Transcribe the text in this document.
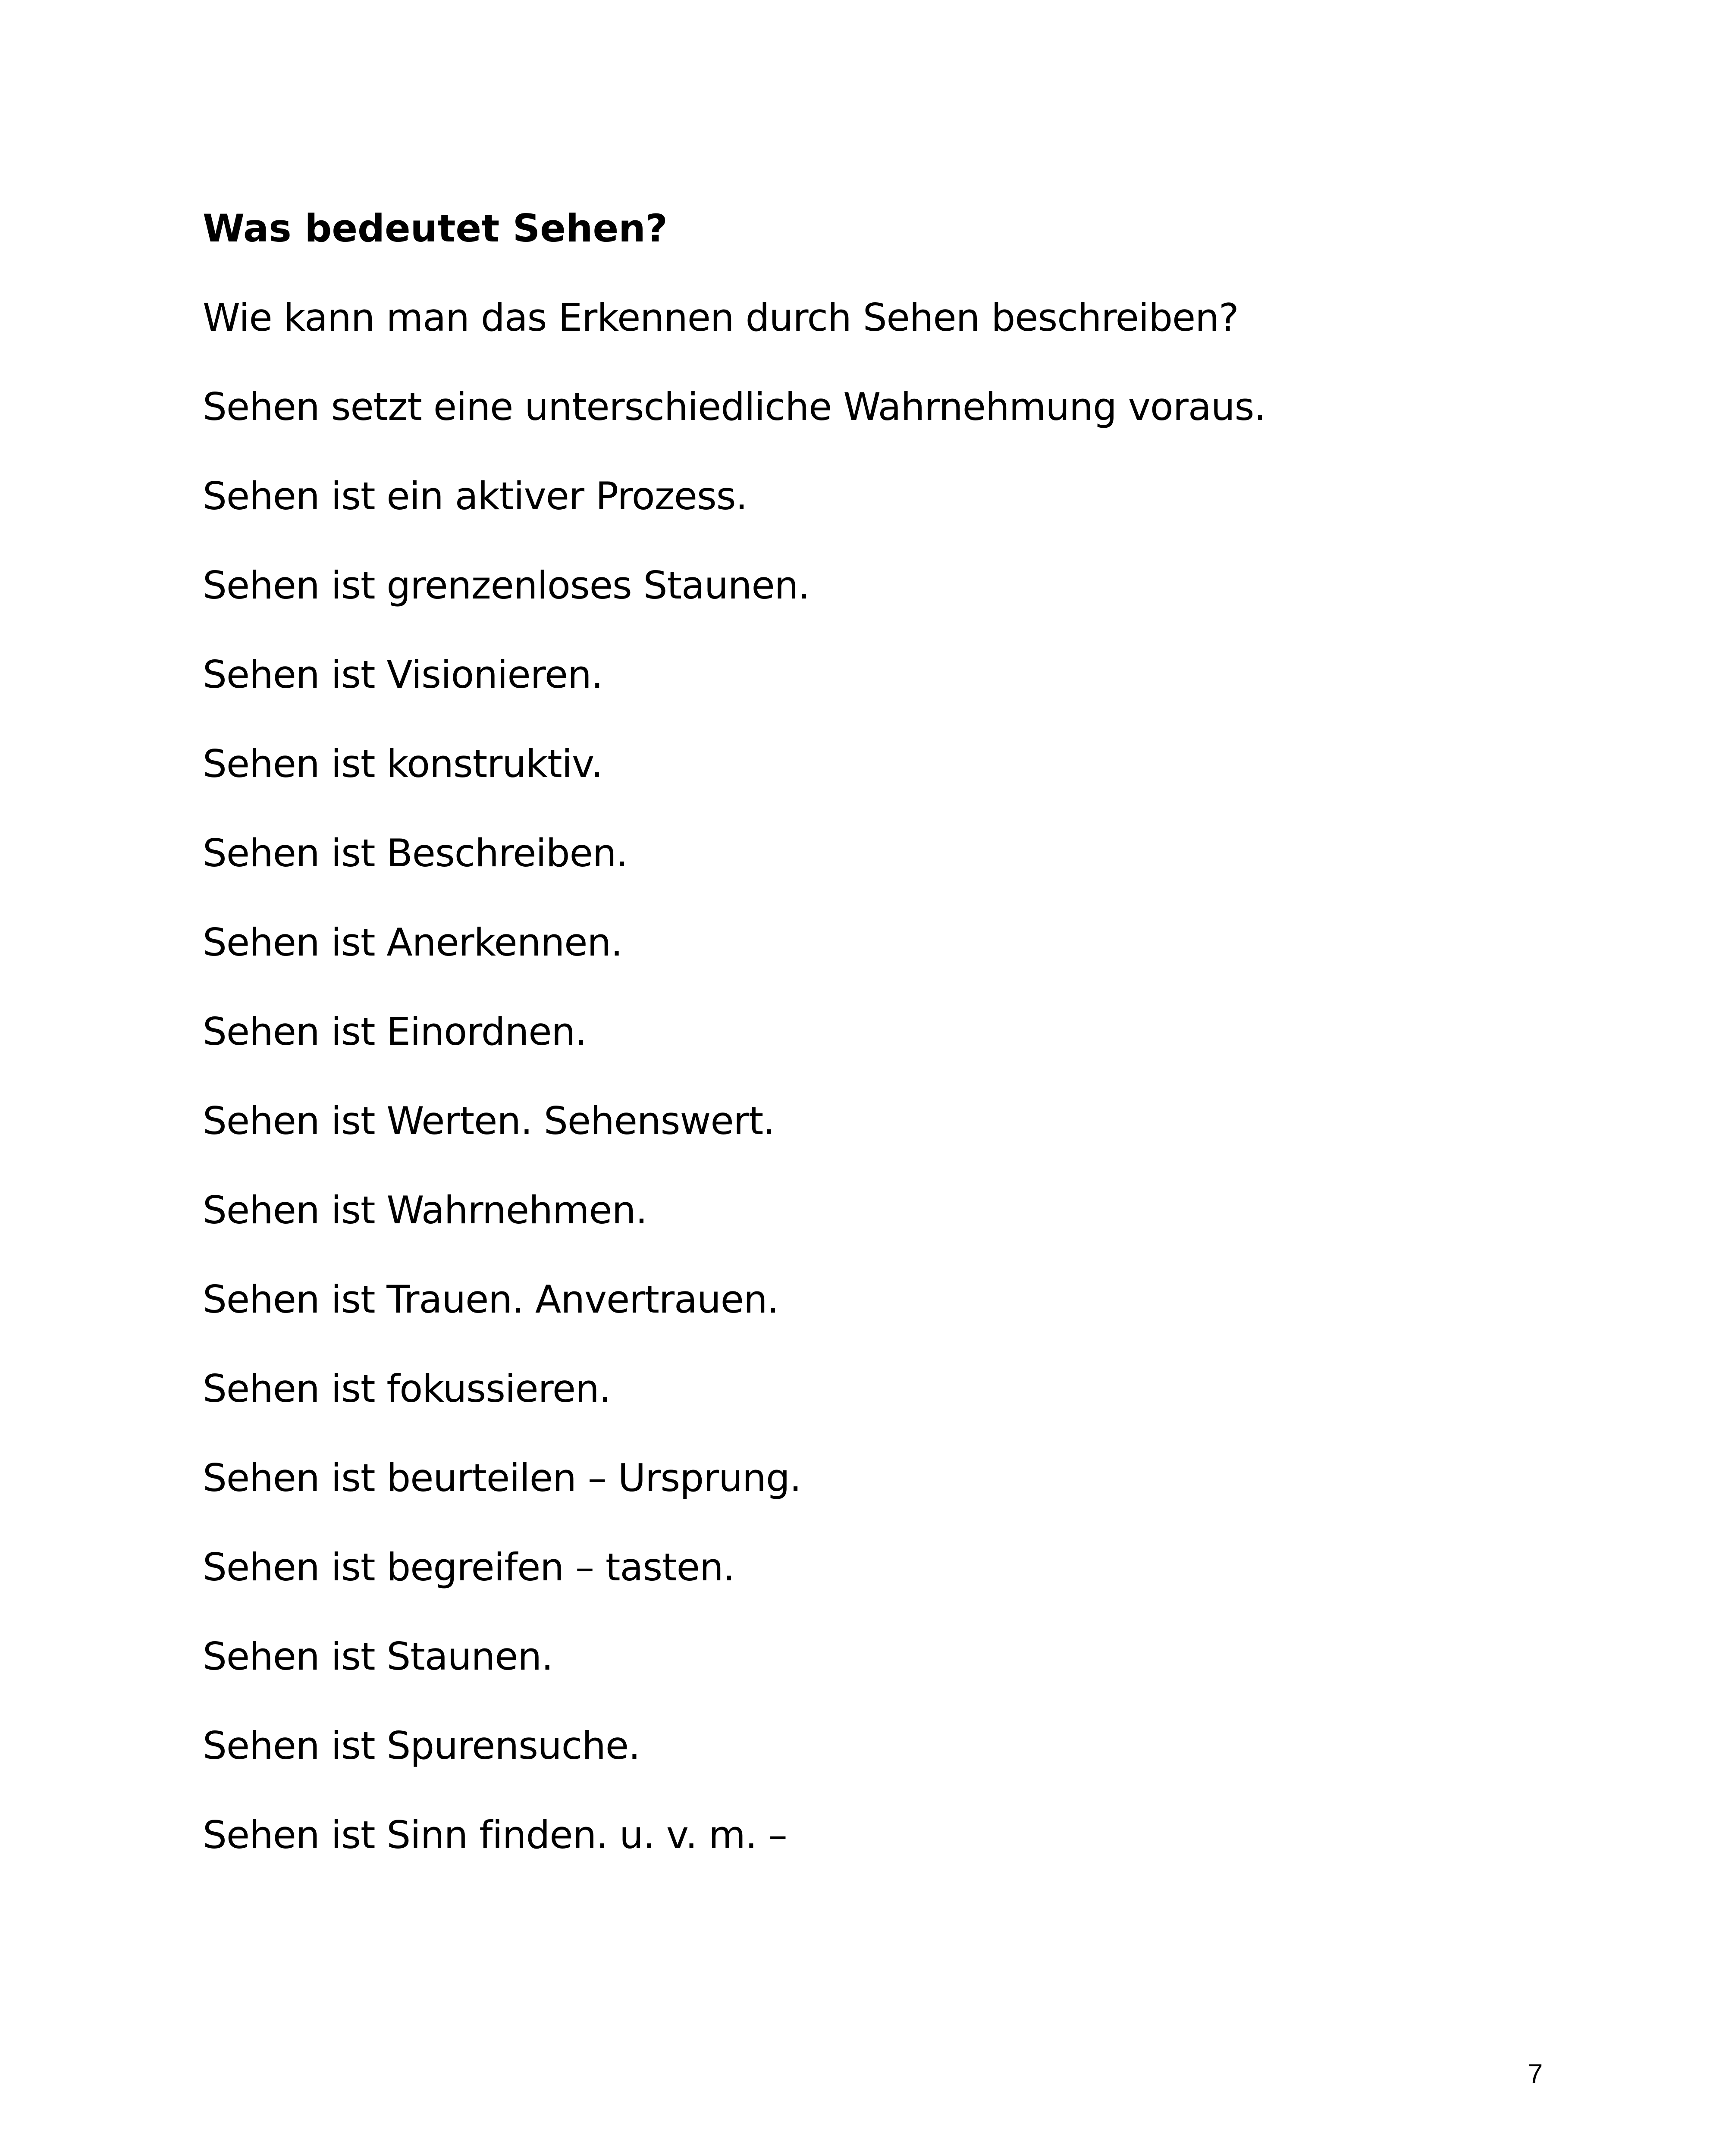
Was bedeutet Sehen?

Wie kann man das Erkennen durch Sehen beschreiben?

Sehen setzt eine unterschiedliche Wahrnehmung voraus.

Sehen ist ein aktiver Prozess.

Sehen ist grenzenloses Staunen.

Sehen ist Visionieren.

Sehen ist konstruktiv.

Sehen ist Beschreiben.

Sehen ist Anerkennen.

Sehen ist Einordnen.

Sehen ist Werten. Sehenswert.

Sehen ist Wahrnehmen.

Sehen ist Trauen. Anvertrauen.

Sehen ist fokussieren.

Sehen ist beurteilen – Ursprung.

Sehen ist begreifen – tasten.

Sehen ist Staunen.

Sehen ist Spurensuche.

Sehen ist Sinn finden. u. v. m. –

7
